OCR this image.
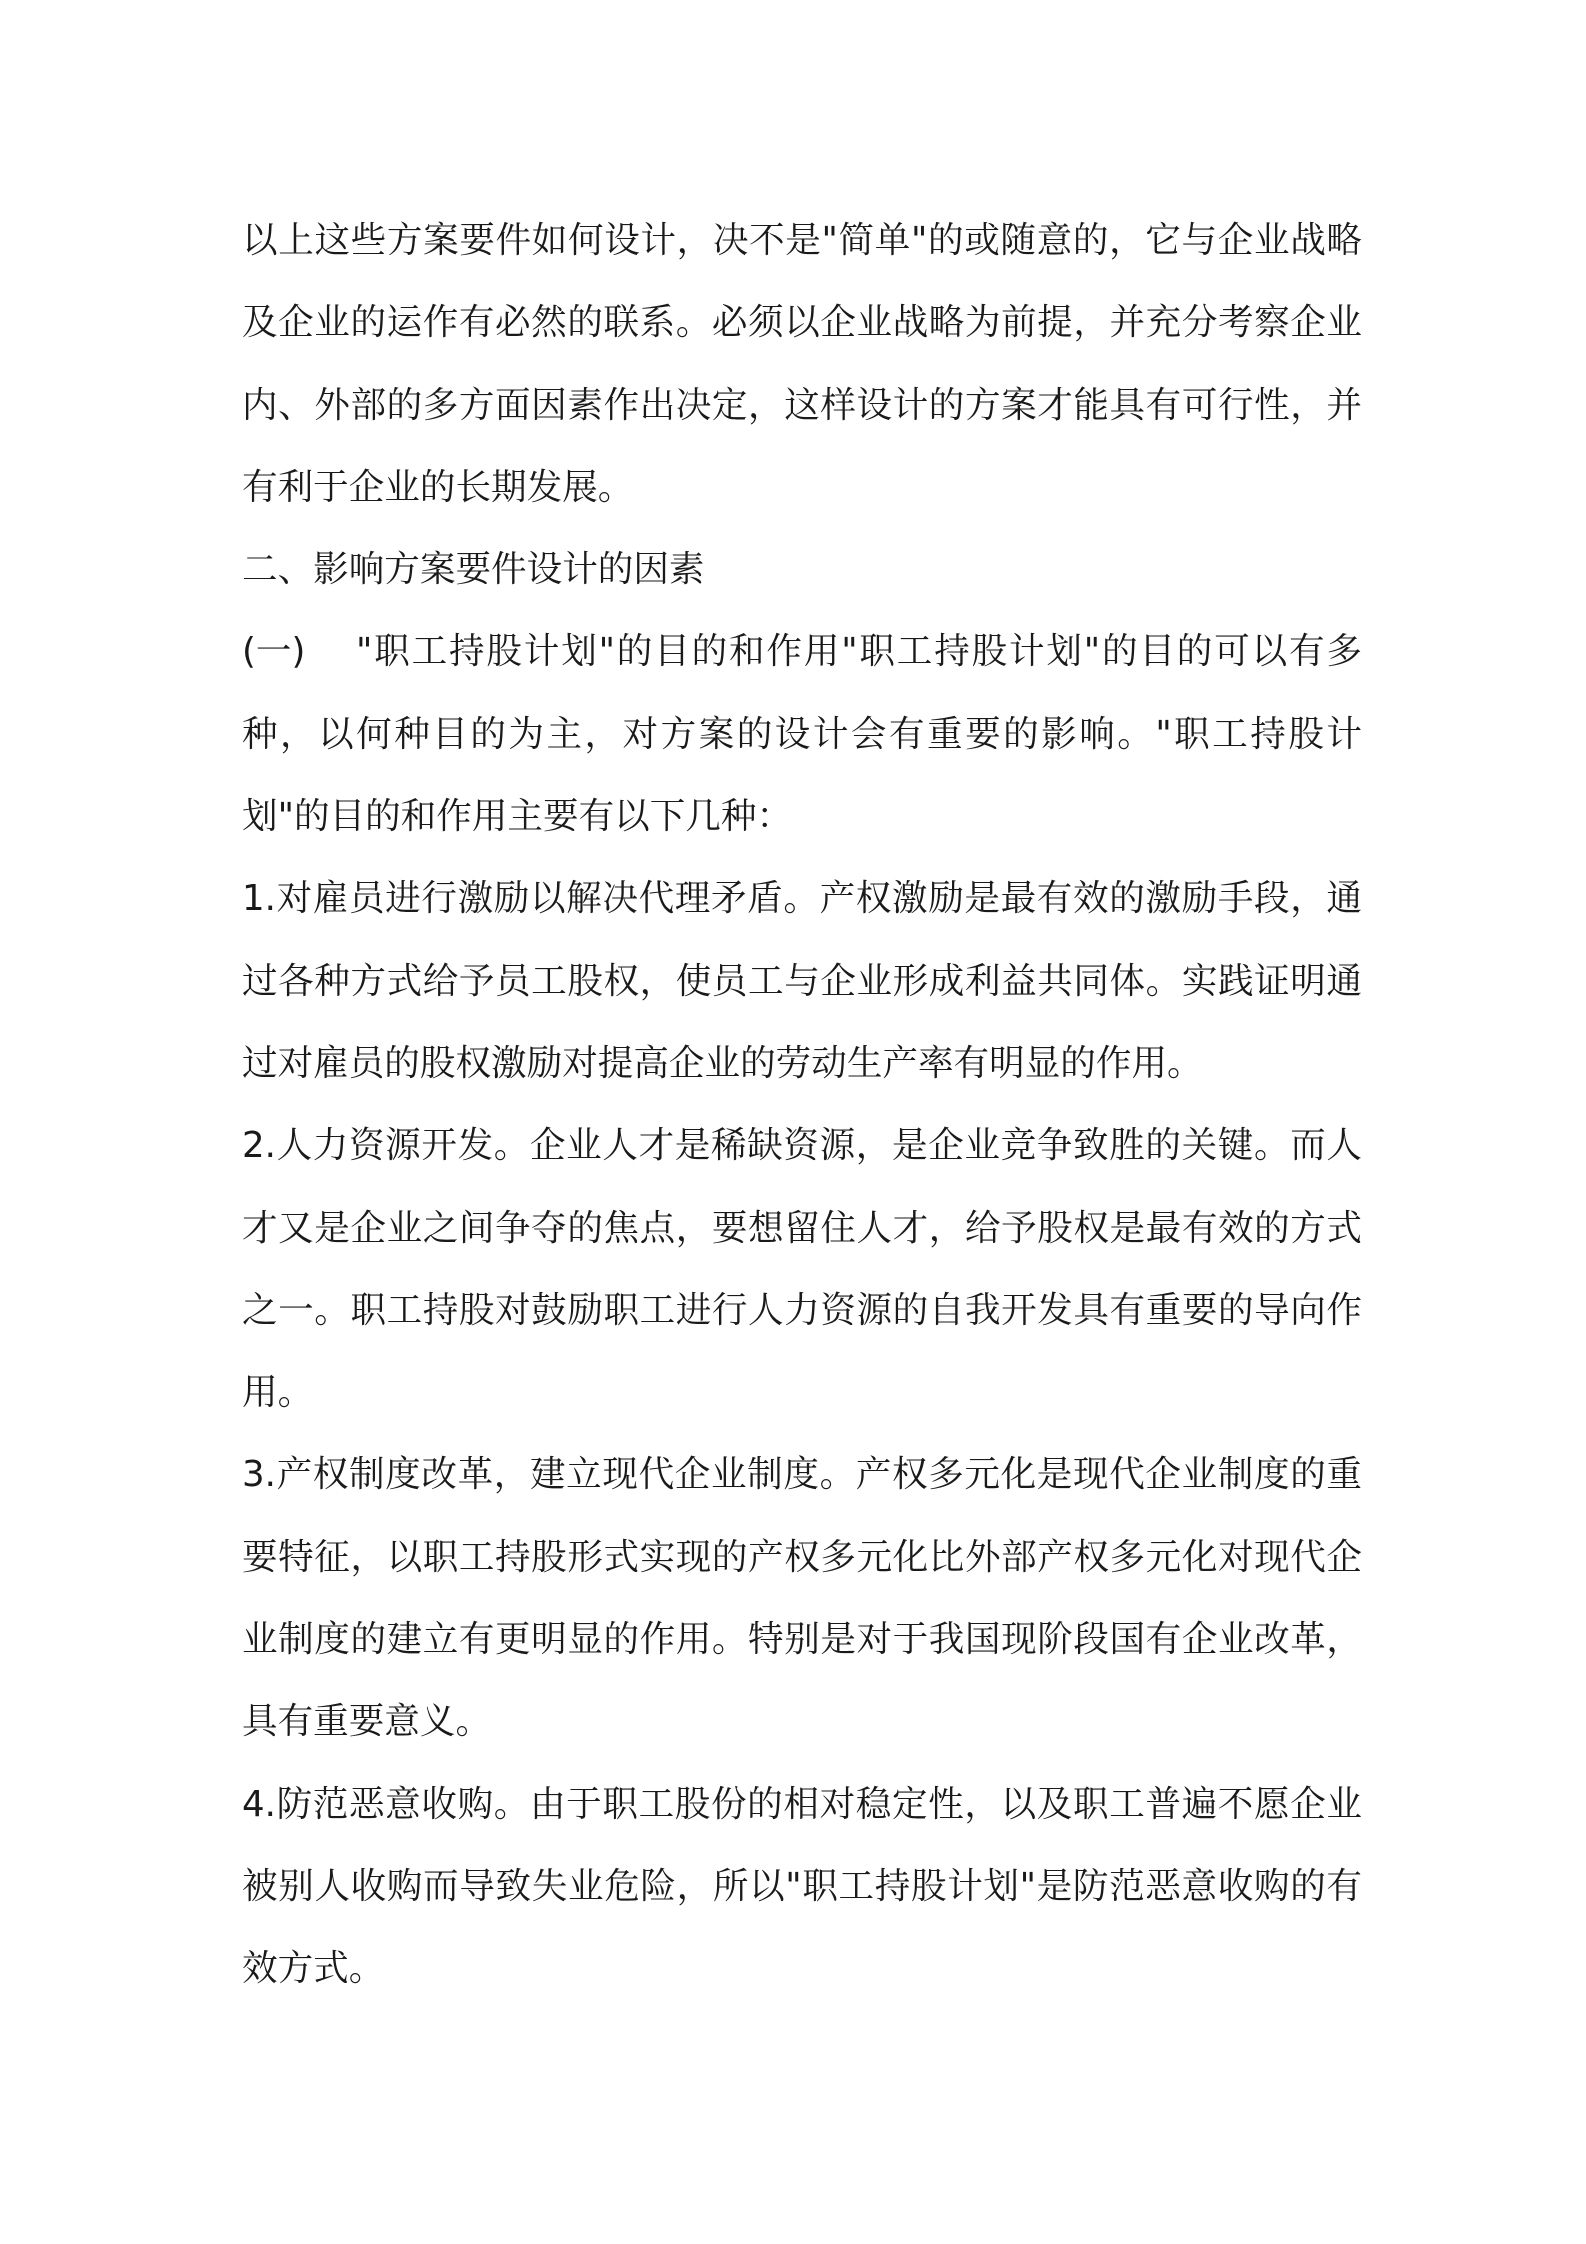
以上这些方案要件如何设计，决不是"简单"的或随意的，它与企业战略及企业的运作有必然的联系。必须以企业战略为前提，并充分考察企业内、外部的多方面因素作出决定，这样设计的方案才能具有可行性，并有利于企业的长期发展。

二、影响方案要件设计的因素

(一) "职工持股计划"的目的和作用"职工持股计划"的目的可以有多种，以何种目的为主，对方案的设计会有重要的影响。"职工持股计划"的目的和作用主要有以下几种：

1.对雇员进行激励以解决代理矛盾。产权激励是最有效的激励手段，通过各种方式给予员工股权，使员工与企业形成利益共同体。实践证明通过对雇员的股权激励对提高企业的劳动生产率有明显的作用。

2.人力资源开发。企业人才是稀缺资源，是企业竞争致胜的关键。而人才又是企业之间争夺的焦点，要想留住人才，给予股权是最有效的方式之一。职工持股对鼓励职工进行人力资源的自我开发具有重要的导向作用。

3.产权制度改革，建立现代企业制度。产权多元化是现代企业制度的重要特征，以职工持股形式实现的产权多元化比外部产权多元化对现代企业制度的建立有更明显的作用。特别是对于我国现阶段国有企业改革，具有重要意义。

4.防范恶意收购。由于职工股份的相对稳定性，以及职工普遍不愿企业被别人收购而导致失业危险，所以"职工持股计划"是防范恶意收购的有效方式。
